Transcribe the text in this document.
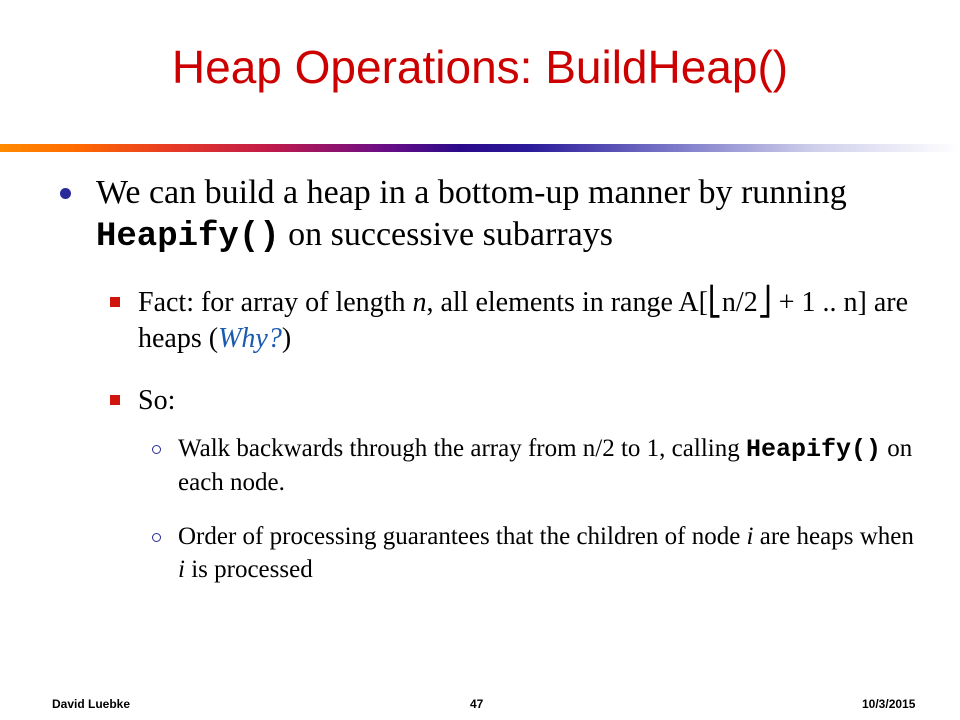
Heap Operations: BuildHeap()
We can build a heap in a bottom-up manner by running Heapify() on successive subarrays
Fact: for array of length n, all elements in range A[⎣n/2⎦ + 1 .. n] are heaps (Why?)
So:
Walk backwards through the array from n/2 to 1, calling Heapify() on each node.
Order of processing guarantees that the children of node i are heaps when i is processed
David Luebke	47	10/3/2015
